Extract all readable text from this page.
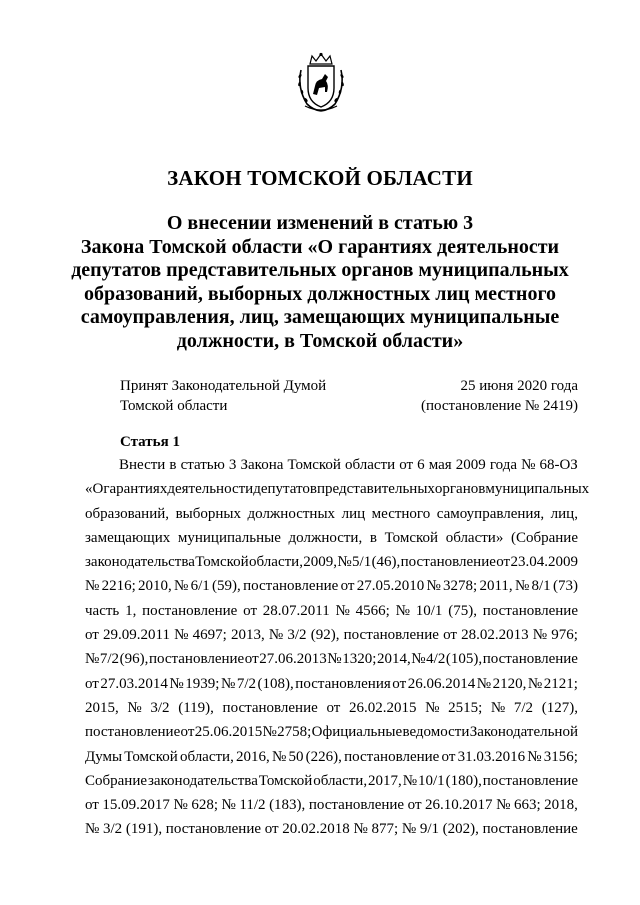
ЗАКОН ТОМСКОЙ ОБЛАСТИ
О внесении изменений в статью 3
Закона Томской области «О гарантиях деятельности
депутатов представительных органов муниципальных
образований, выборных должностных лиц местного
самоуправления, лиц, замещающих муниципальные
должности, в Томской области»
Принят Законодательной Думой
Томской области
25 июня 2020 года
(постановление № 2419)
Статья 1
Внести в статью 3 Закона Томской области от 6 мая 2009 года № 68-ОЗ
«О гарантиях деятельности депутатов представительных органов муниципальных
образований, выборных должностных лиц местного самоуправления, лиц,
замещающих муниципальные должности, в Томской области» (Собрание
законодательства Томской области, 2009, № 5/1 (46), постановление от 23.04.2009
№ 2216; 2010, № 6/1 (59), постановление от 27.05.2010 № 3278; 2011, № 8/1 (73)
часть 1, постановление от 28.07.2011 № 4566; № 10/1 (75), постановление
от 29.09.2011 № 4697; 2013, № 3/2 (92), постановление от 28.02.2013 № 976;
№ 7/2 (96), постановление от 27.06.2013 № 1320; 2014, № 4/2 (105), постановление
от 27.03.2014 № 1939; № 7/2 (108), постановления от 26.06.2014 № 2120, № 2121;
2015, № 3/2 (119), постановление от 26.02.2015 № 2515; № 7/2 (127),
постановление от 25.06.2015 № 2758; Официальные ведомости Законодательной
Думы Томской области, 2016, № 50 (226), постановление от 31.03.2016 № 3156;
Собрание законодательства Томской области, 2017, № 10/1 (180), постановление
от 15.09.2017 № 628; № 11/2 (183), постановление от 26.10.2017 № 663; 2018,
№ 3/2 (191), постановление от 20.02.2018 № 877; № 9/1 (202), постановление
